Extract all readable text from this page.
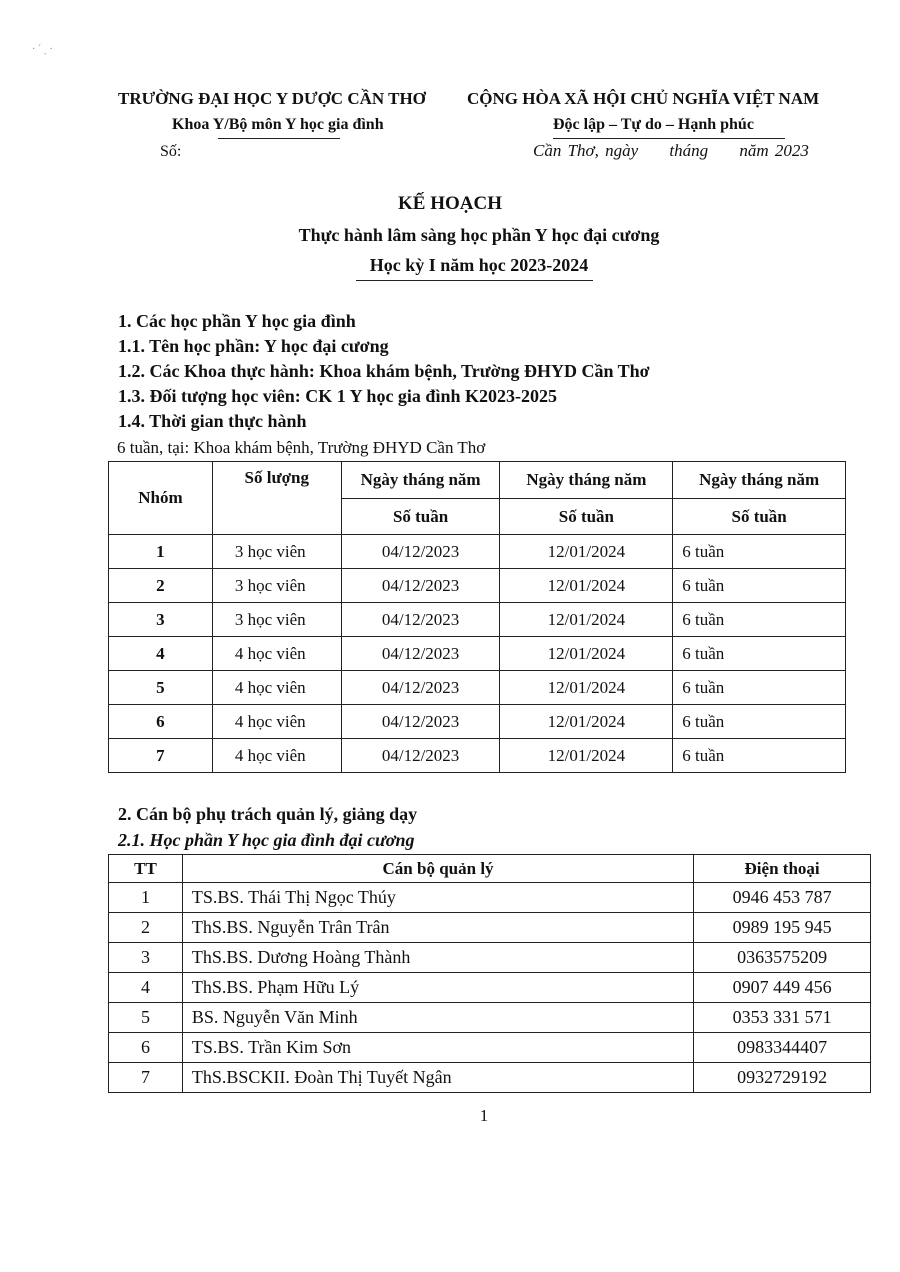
· ˊ ˏ ·
TRƯỜNG ĐẠI HỌC Y DƯỢC CẦN THƠ
Khoa Y/Bộ môn Y học gia đình
Số:
CỘNG HÒA XÃ HỘI CHỦ NGHĨA VIỆT NAM
Độc lập – Tự do – Hạnh phúc
Cần Thơ, ngày     tháng     năm 2023
KẾ HOẠCH
Thực hành lâm sàng học phần Y học đại cương
Học kỳ I năm học 2023-2024
1. Các học phần Y học gia đình
1.1. Tên học phần: Y học đại cương
1.2. Các Khoa thực hành: Khoa khám bệnh, Trường ĐHYD Cần Thơ
1.3. Đối tượng học viên: CK 1 Y học gia đình K2023-2025
1.4. Thời gian thực hành
6 tuần, tại: Khoa khám bệnh, Trường ĐHYD Cần Thơ
Nhóm	Số lượng	Ngày tháng năm	Ngày tháng năm	Ngày tháng năm
		Số tuần	Số tuần	Số tuần
1	3 học viên	04/12/2023	12/01/2024	6 tuần
2	3 học viên	04/12/2023	12/01/2024	6 tuần
3	3 học viên	04/12/2023	12/01/2024	6 tuần
4	4 học viên	04/12/2023	12/01/2024	6 tuần
5	4 học viên	04/12/2023	12/01/2024	6 tuần
6	4 học viên	04/12/2023	12/01/2024	6 tuần
7	4 học viên	04/12/2023	12/01/2024	6 tuần
2. Cán bộ phụ trách quản lý, giảng dạy
2.1. Học phần Y học gia đình đại cương
TT	Cán bộ quản lý	Điện thoại
1	TS.BS. Thái Thị Ngọc Thúy	0946 453 787
2	ThS.BS. Nguyễn Trân Trân	0989 195 945
3	ThS.BS. Dương Hoàng Thành	0363575209
4	ThS.BS. Phạm Hữu Lý	0907 449 456
5	BS. Nguyễn Văn Minh	0353 331 571
6	TS.BS. Trần Kim Sơn	0983344407
7	ThS.BSCKII. Đoàn Thị Tuyết Ngân	0932729192
1
